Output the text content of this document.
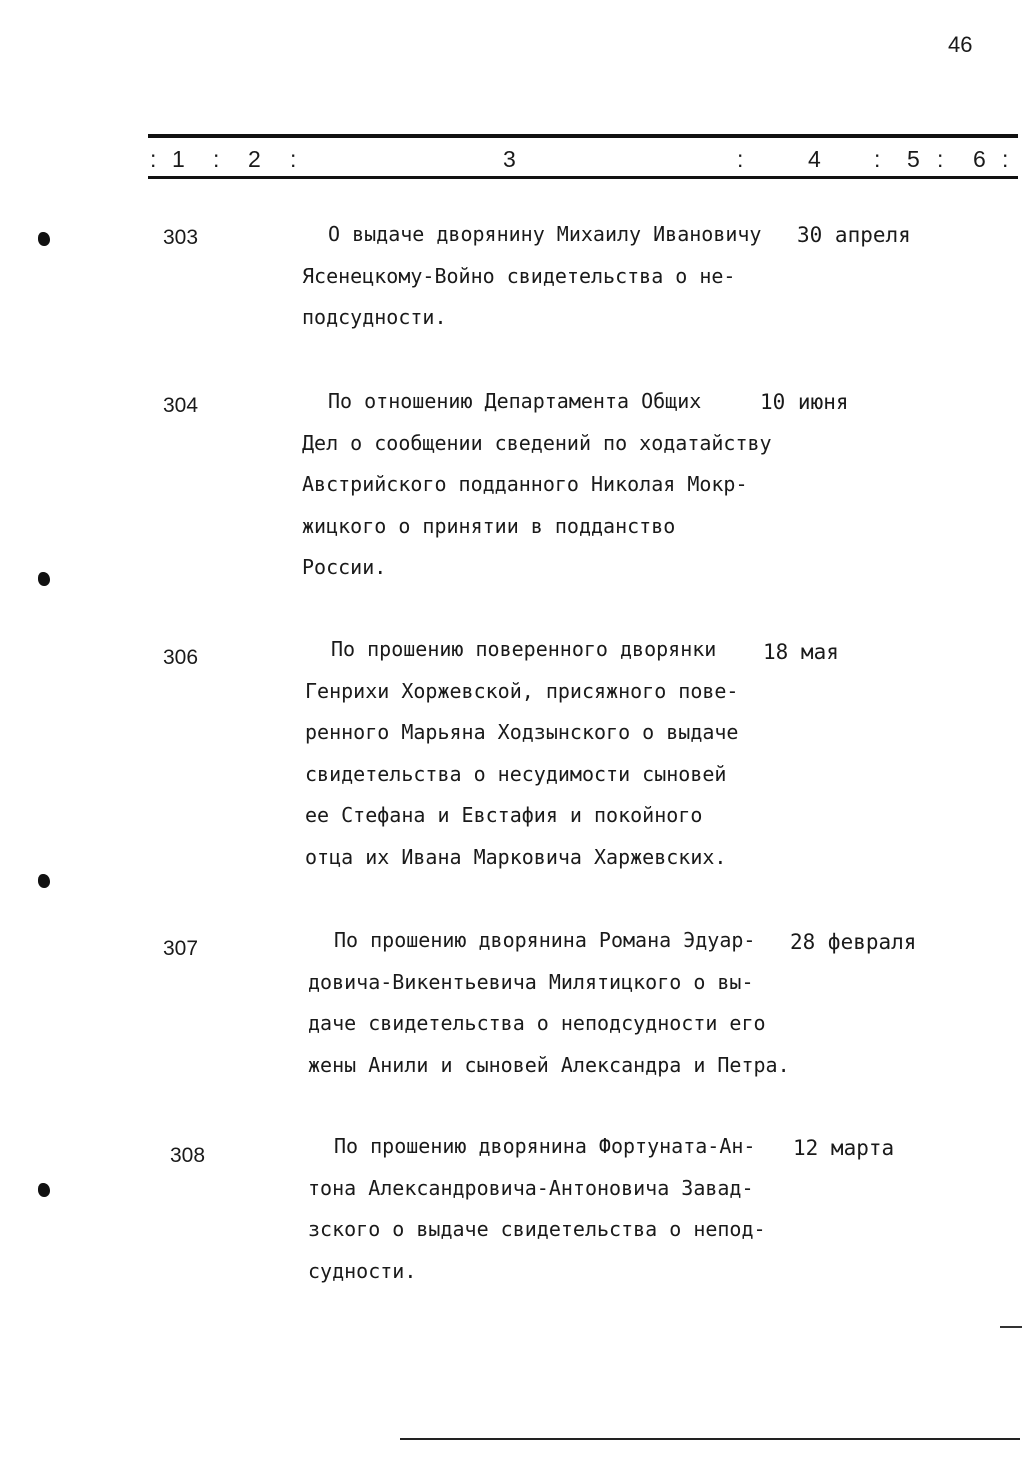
46
: 1 : 2 :	3	:	4 : 5 : 6 :
303	О выдаче дворянину Михаилу Ивановичу
Ясенецкому-Войно свидетельства о не-
подсудности.
30 апреля
304	По отношению Департамента Общих
Дел о сообщении сведений по ходатайству
Австрийского подданного Николая Мокр-
жицкого о принятии в подданство
России.
10 июня
306	По прошению поверенного дворянки
Генрихи Хоржевской, присяжного пове-
ренного Марьяна Ходзынского о выдаче
свидетельства о несудимости сыновей
ее Стефана и Евстафия и покойного
отца их Ивана Марковича Харжевских.
18 мая
307	По прошению дворянина Романа Эдуар-
довича-Викентьевича Милятицкого о вы-
даче свидетельства о неподсудности его
жены Анили и сыновей Александра и Петра.
28 февраля
308	По прошению дворянина Фортуната-Ан-
тона Александровича-Антоновича Завад-
зского о выдаче свидетельства о непод-
судности.
12 марта
